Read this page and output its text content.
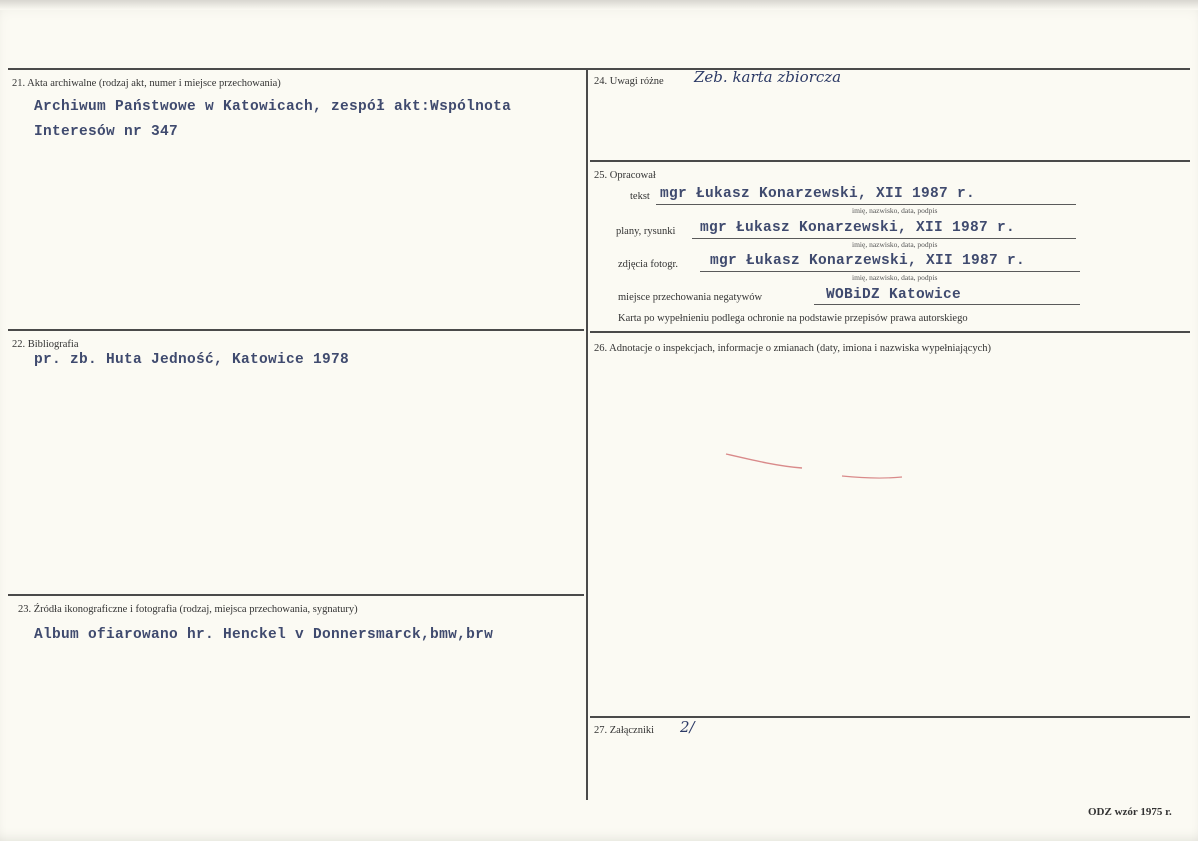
21. Akta archiwalne (rodzaj akt, numer i miejsce przechowania)
Archiwum Państwowe w Katowicach, zespół akt:Wspólnota
Interesów nr 347
22. Bibliografia
pr. zb. Huta Jedność, Katowice 1978
23. Źródła ikonograficzne i fotografia (rodzaj, miejsca przechowania, sygnatury)
Album ofiarowano hr. Henckel v Donnersmarck,bmw,brw
24. Uwagi różne Zeb. karta zbiorcza
25. Opracował
tekst mgr Łukasz Konarzewski, XII 1987 r.
imię, nazwisko, data, podpis
plany, rysunki mgr Łukasz Konarzewski, XII 1987 r.
imię, nazwisko, data, podpis
zdjęcia fotogr. mgr Łukasz Konarzewski, XII 1987 r.
imię, nazwisko, data, podpis
miejsce przechowania negatywów	WOBiDZ Katowice
Karta po wypełnieniu podlega ochronie na podstawie przepisów prawa autorskiego
26. Adnotacje o inspekcjach, informacje o zmianach (daty, imiona i nazwiska wypełniających)
27. Załączniki 2/
ODZ wzór 1975 r.
